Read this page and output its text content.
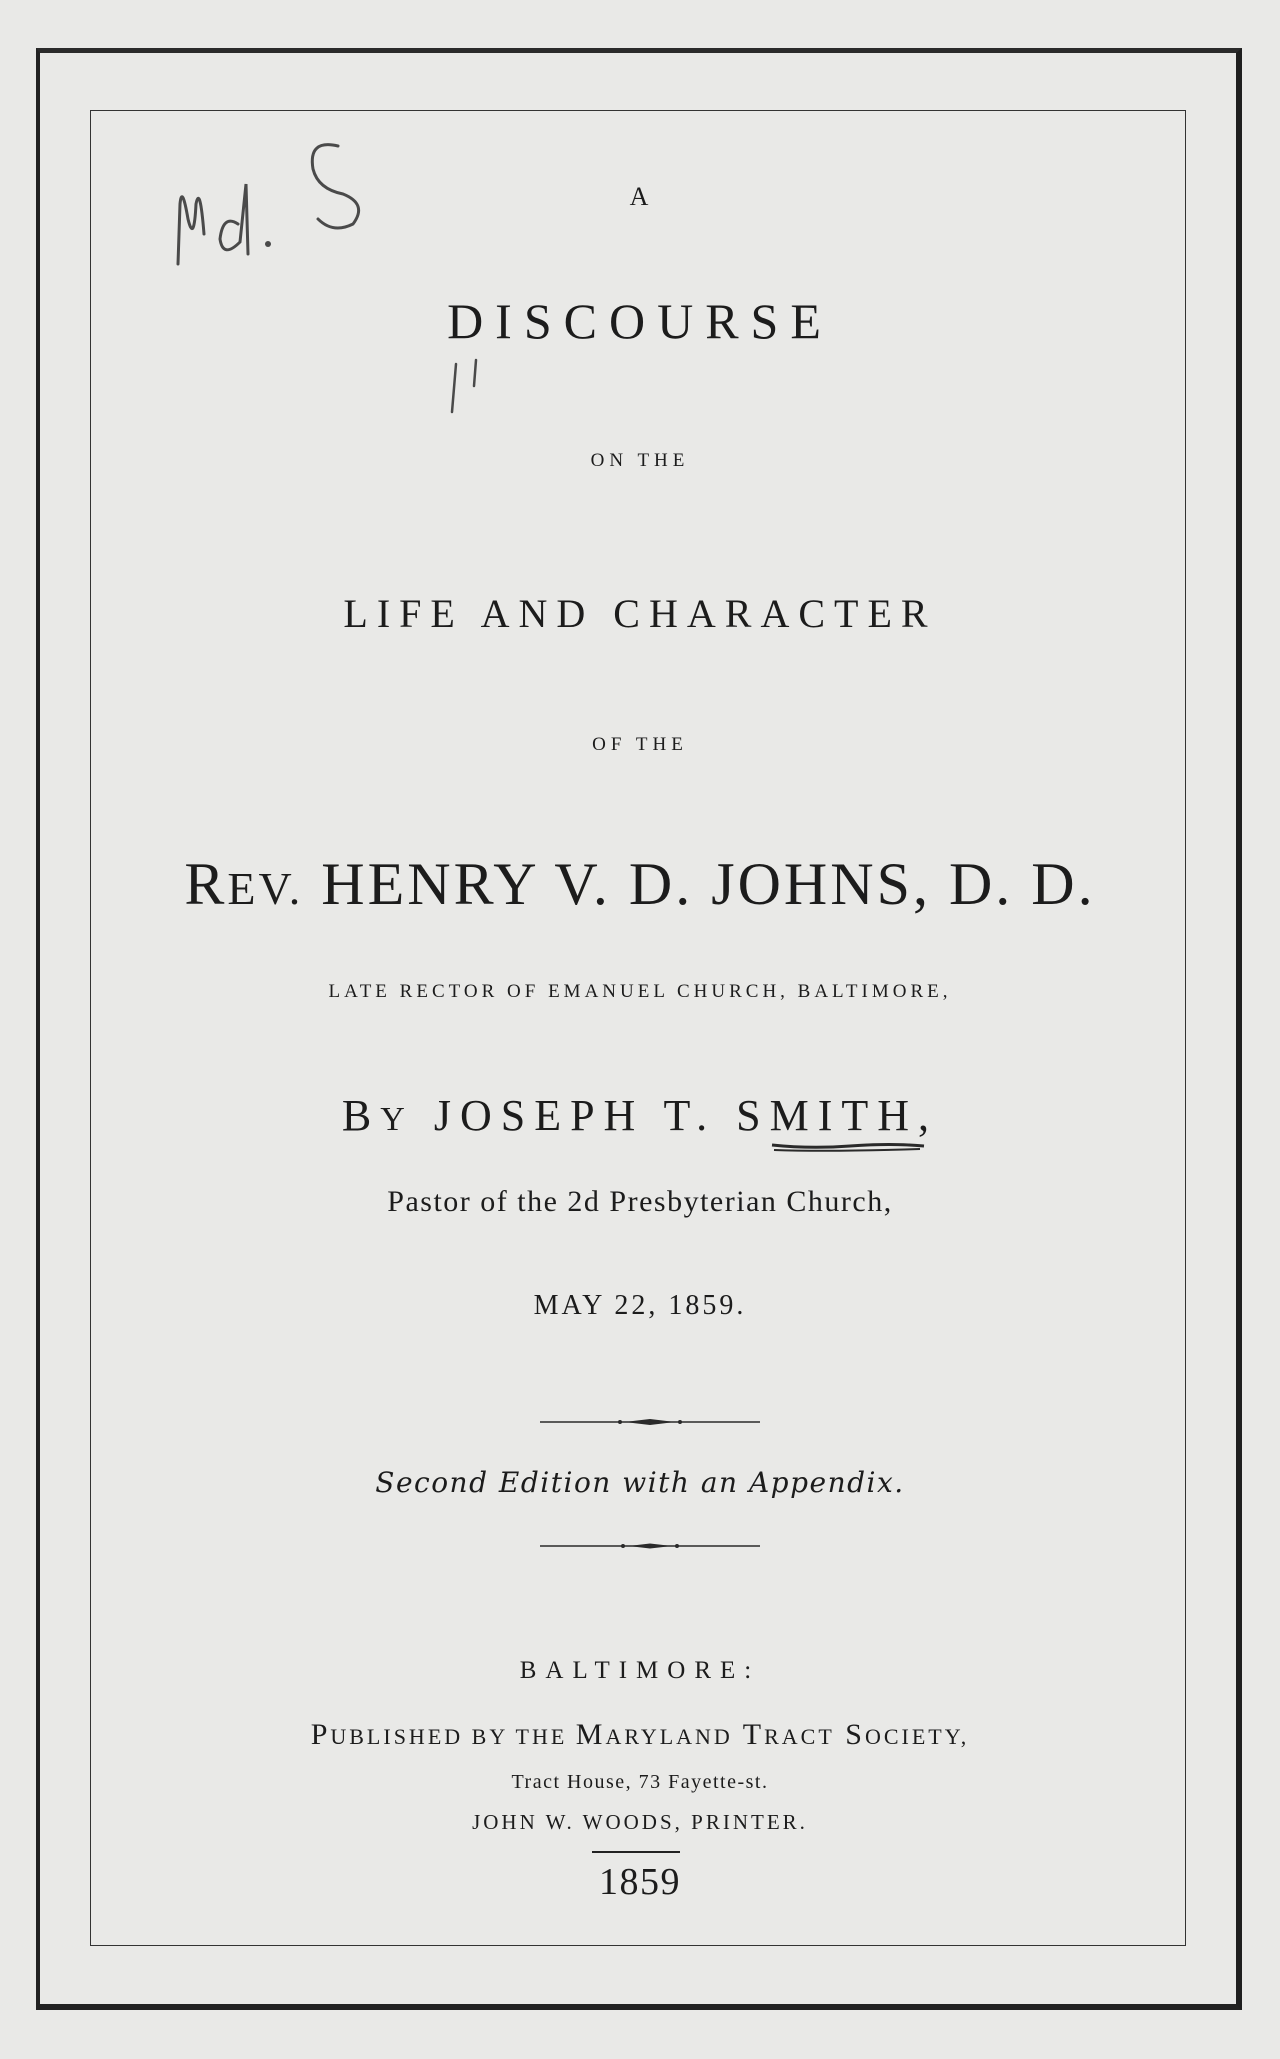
A
DISCOURSE
ON THE
LIFE AND CHARACTER
OF THE
REV. HENRY V. D. JOHNS, D. D.
LATE RECTOR OF EMANUEL CHURCH, BALTIMORE,
BY JOSEPH T. SMITH,
Pastor of the 2d Presbyterian Church,
MAY 22, 1859.
Second Edition with an Appendix.
BALTIMORE:
PUBLISHED BY THE MARYLAND TRACT SOCIETY,
Tract House, 73 Fayette-st.
JOHN W. WOODS, PRINTER.
1859
